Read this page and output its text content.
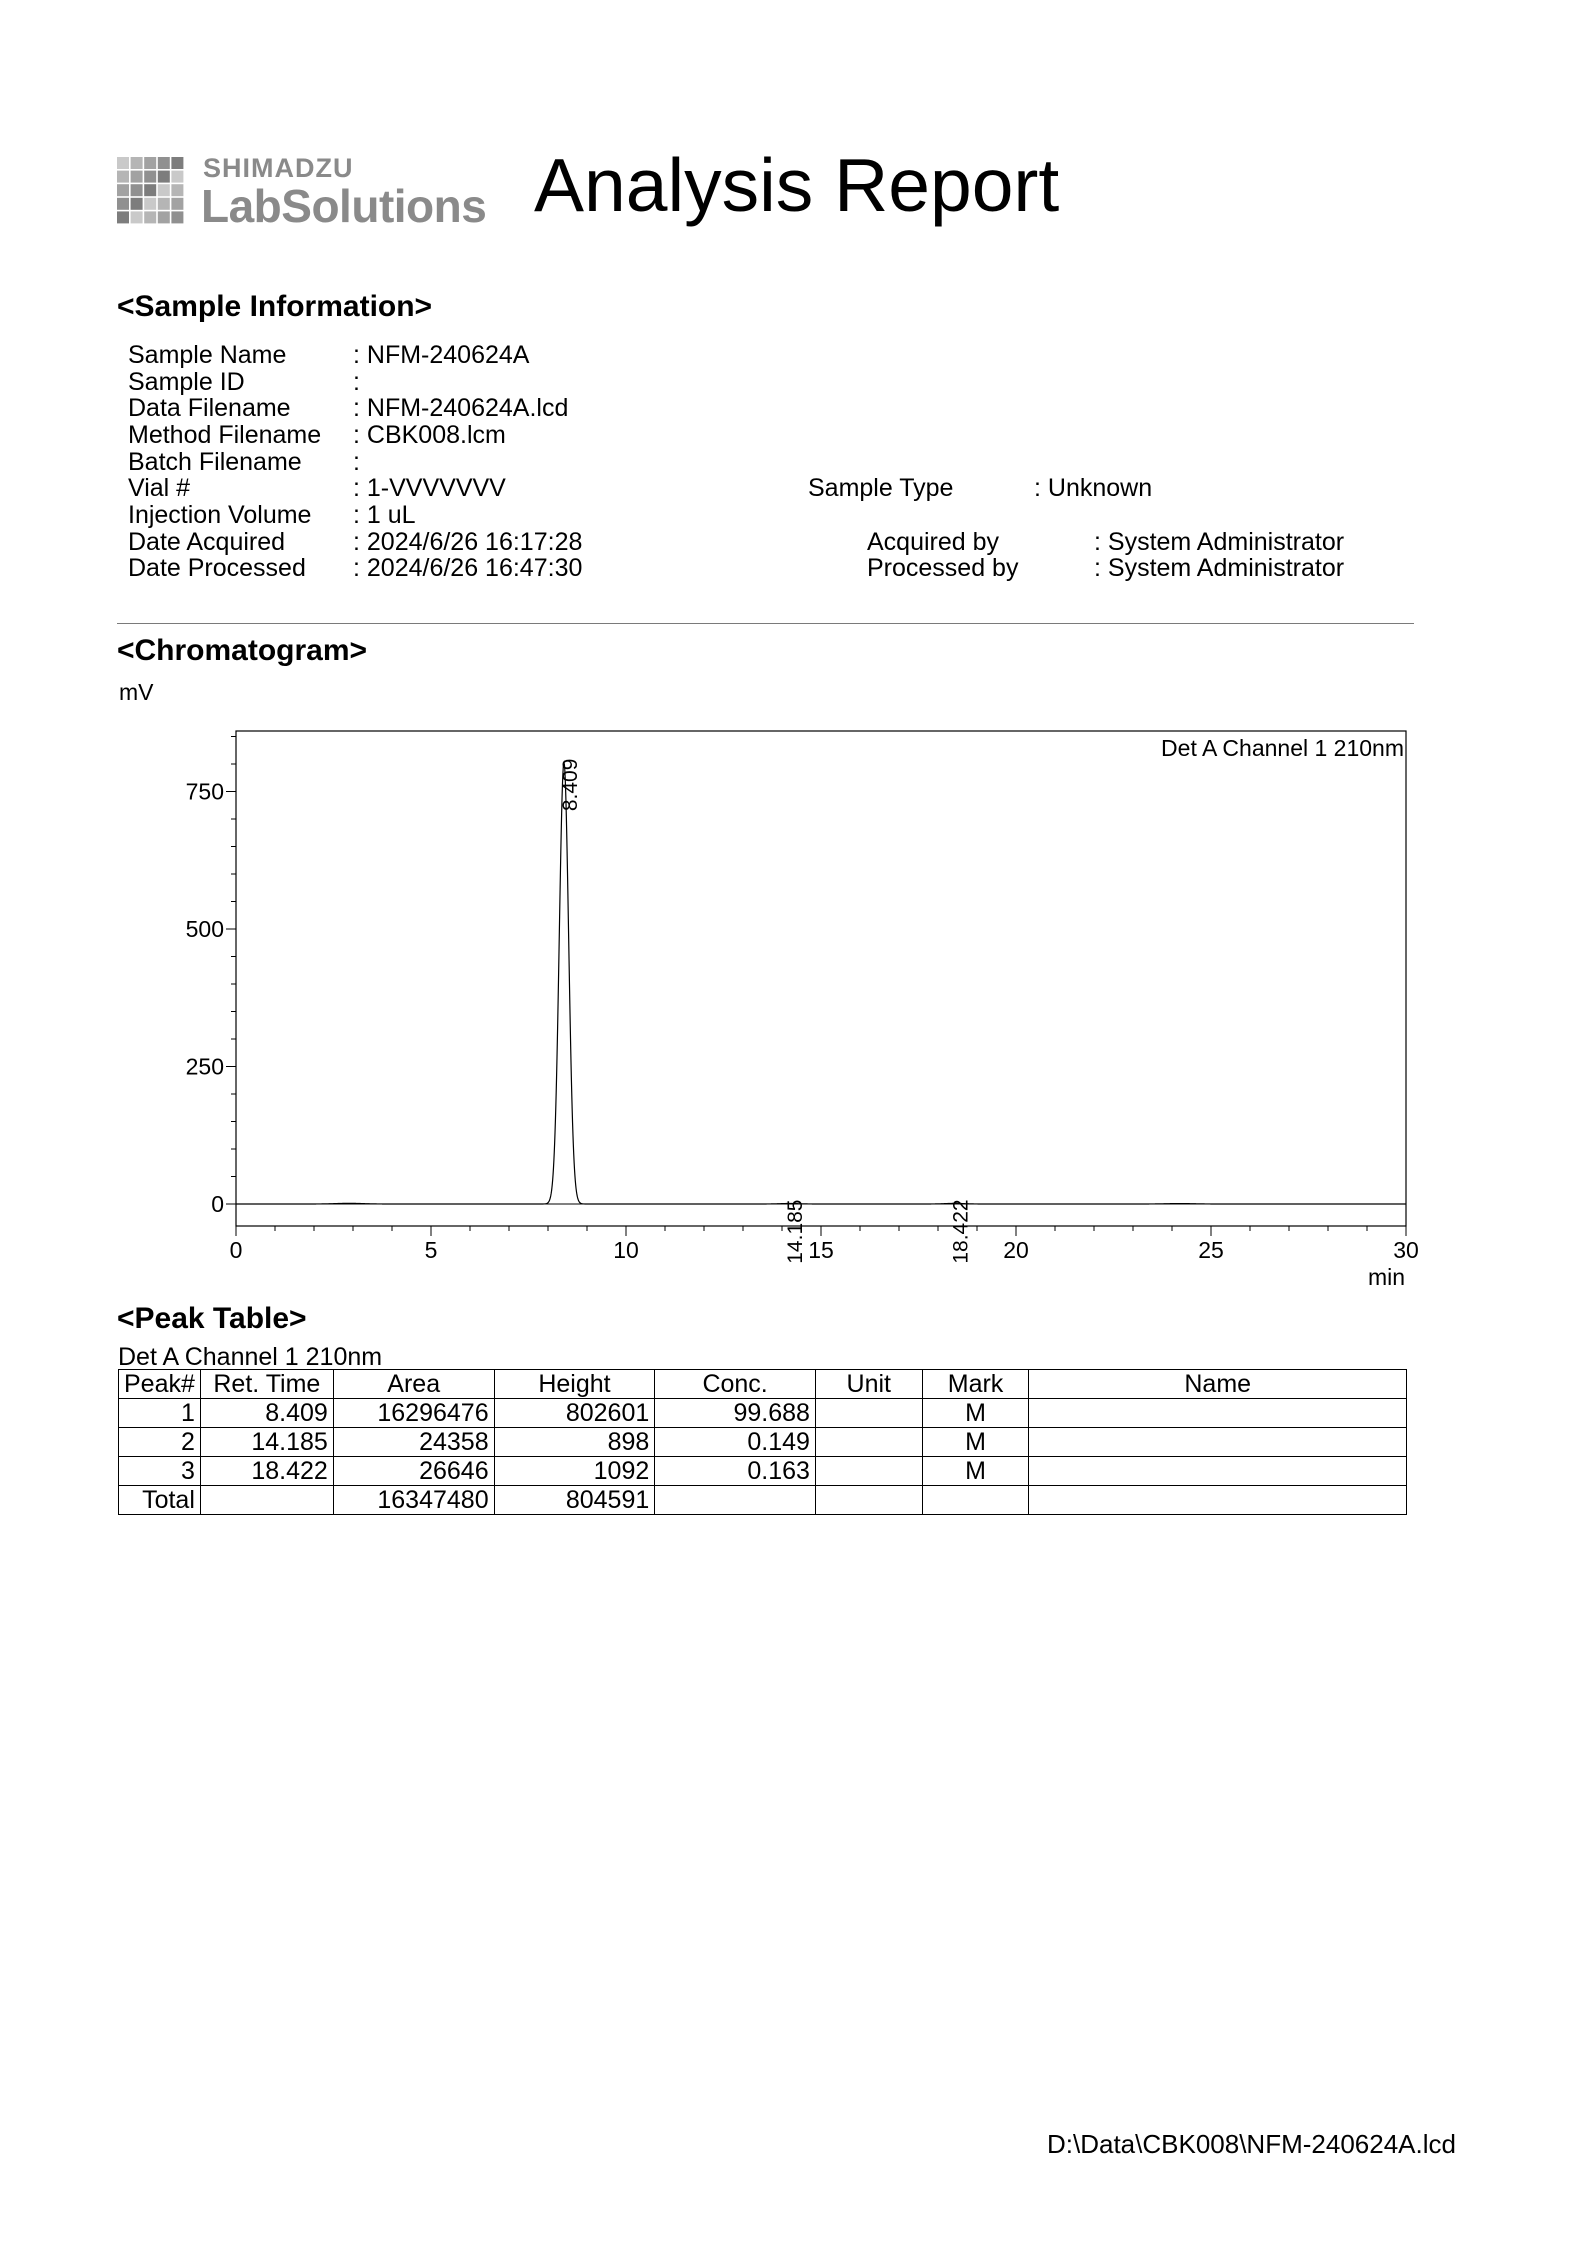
SHIMADZU
LabSolutions Analysis Report
<Sample Information>
Sample Name	: NFM-240624A
Sample ID	:
Data Filename : NFM-240624A.lcd
Method Filename : CBK008.lcm
Batch Filename :
Vial #	: 1-VVVVVVV
Injection Volume : 1 uL
Date Acquired	: 2024/6/26 16:17:28
Date Processed : 2024/6/26 16:47:30
Sample Type	: Unknown
Acquired by	: System Administrator
Processed by	: System Administrator
<Chromatogram>
mV
Det A Channel 1 210nm
min
0
250
500
750
0	5	10	15	20	25	30
8.409
14.185	18.422
<Peak Table>
Det A Channel 1 210nm
Peak#	Ret. Time	Area	Height	Conc.	Unit	Mark	Name
1	8.409	16296476	802601	99.688		M	
2	14.185	24358	898	0.149		M	
3	18.422	26646	1092	0.163		M	
Total		16347480	804591				
D:\Data\CBK008\NFM-240624A.lcd
